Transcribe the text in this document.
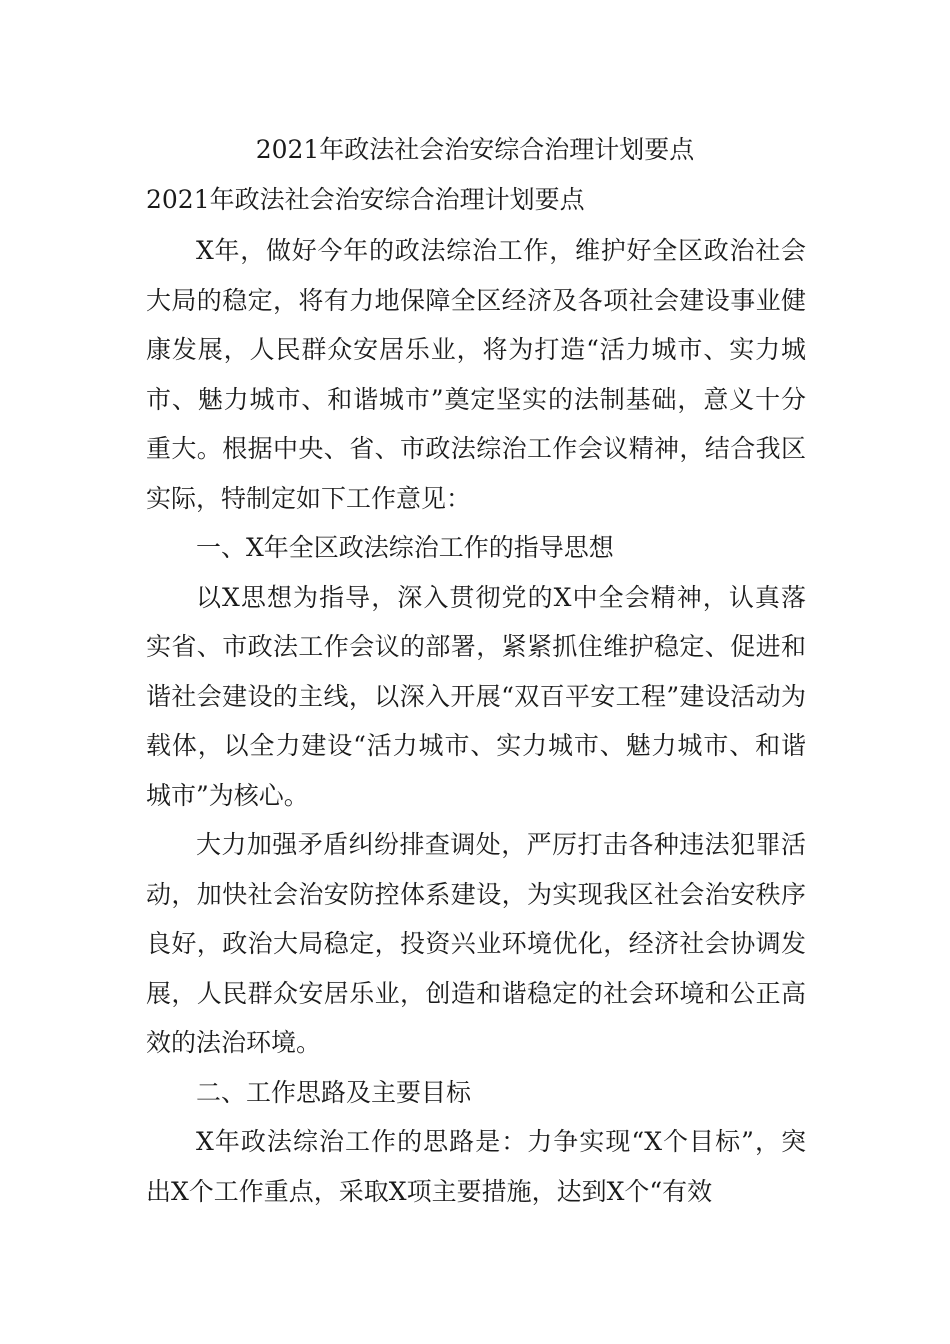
2021年政法社会治安综合治理计划要点
2021年政法社会治安综合治理计划要点

X年，做好今年的政法综治工作，维护好全区政治社会大局的稳定，将有力地保障全区经济及各项社会建设事业健康发展，人民群众安居乐业，将为打造“活力城市、实力城市、魅力城市、和谐城市”奠定坚实的法制基础，意义十分重大。根据中央、省、市政法综治工作会议精神，结合我区实际，特制定如下工作意见：

一、X年全区政法综治工作的指导思想

以X思想为指导，深入贯彻党的X中全会精神，认真落实省、市政法工作会议的部署，紧紧抓住维护稳定、促进和谐社会建设的主线，以深入开展“双百平安工程”建设活动为载体，以全力建设“活力城市、实力城市、魅力城市、和谐城市”为核心。

大力加强矛盾纠纷排查调处，严厉打击各种违法犯罪活动，加快社会治安防控体系建设，为实现我区社会治安秩序良好，政治大局稳定，投资兴业环境优化，经济社会协调发展，人民群众安居乐业，创造和谐稳定的社会环境和公正高效的法治环境。

二、工作思路及主要目标

X年政法综治工作的思路是：力争实现“X个目标”，突出X个工作重点，采取X项主要措施，达到X个“有效
